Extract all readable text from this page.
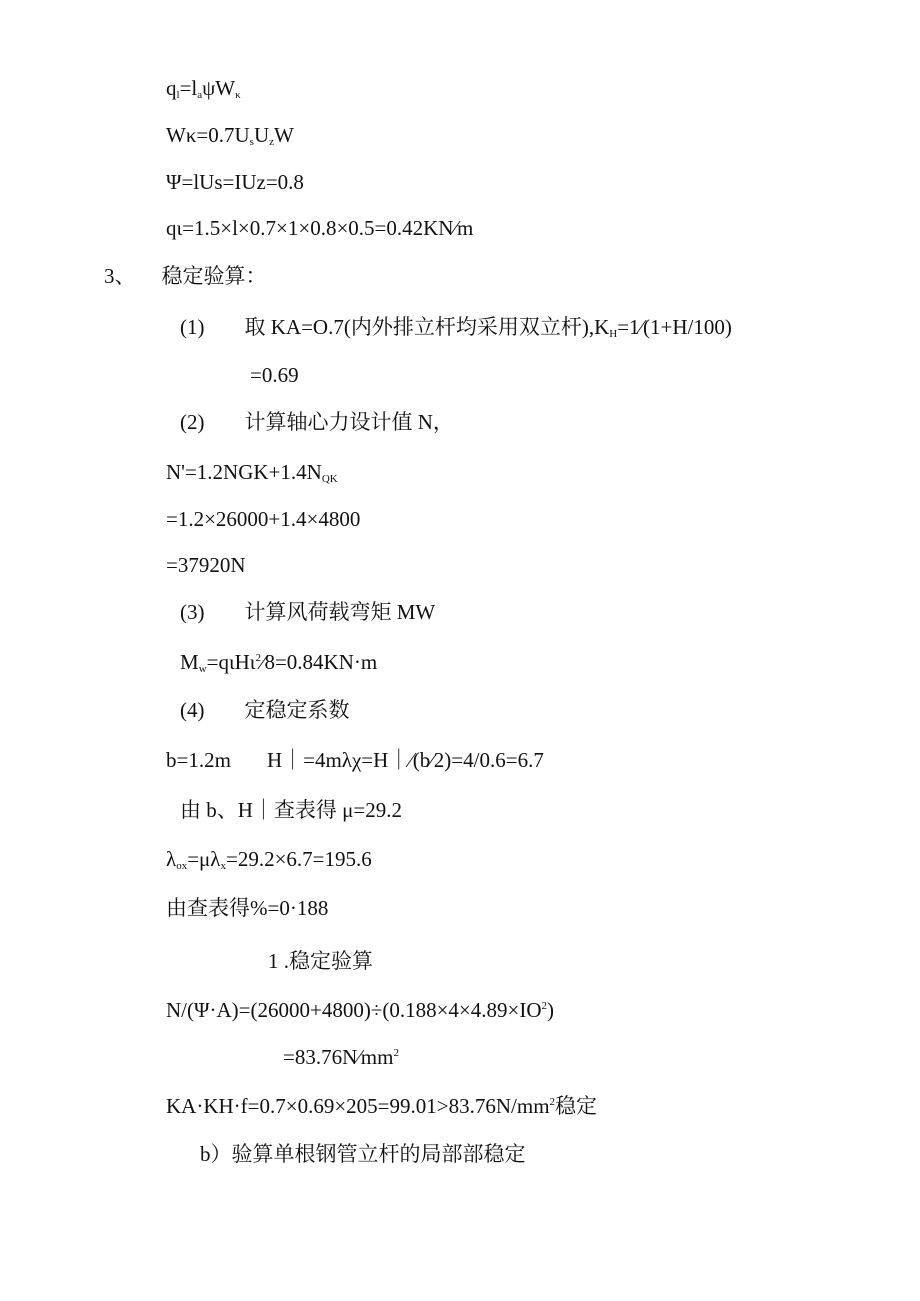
$q_l=l_a\psi W_\kappa$

$W\kappa=0.7U_sU_zW$

Ψ=lUs=IUz=0.8

qι=1.5×l×0.7×1×0.8×0.5=0.42KN⁄m

3、 稳定验算：

(1) 取 KA=O.7(内外排立杆均采用双立杆)$,K_H=1⁄(1+H/100)$

=0.69

(2) 计算轴心力设计值 N，

$N'=1.2NGK+1.4N_{QK}$

=1.2×26000+1.4×4800

=37920N

(3) 计算风荷载弯矩 MW

$M_w=q\iota H\iota^2⁄8=0.84KN\cdot m$

(4) 定稳定系数

b=1.2m H｜=4mλχ=H｜⁄(b⁄2)=4/0.6=6.7

由 b、H｜查表得 μ=29.2

$\lambda_{ox}=\mu\lambda_x=29.2\times 6.7=195.6$

由查表得%=0·188

1 .稳定验算

$N/(\Psi\cdot A)=(26000+4800)\div(0.188\times 4\times 4.89\times IO^2)$

$=83.76N⁄mm^2$

$KA\cdot KH\cdot f=0.7\times 0.69\times 205=99.01>83.76N/mm^2$稳定

b）验算单根钢管立杆的局部部稳定
